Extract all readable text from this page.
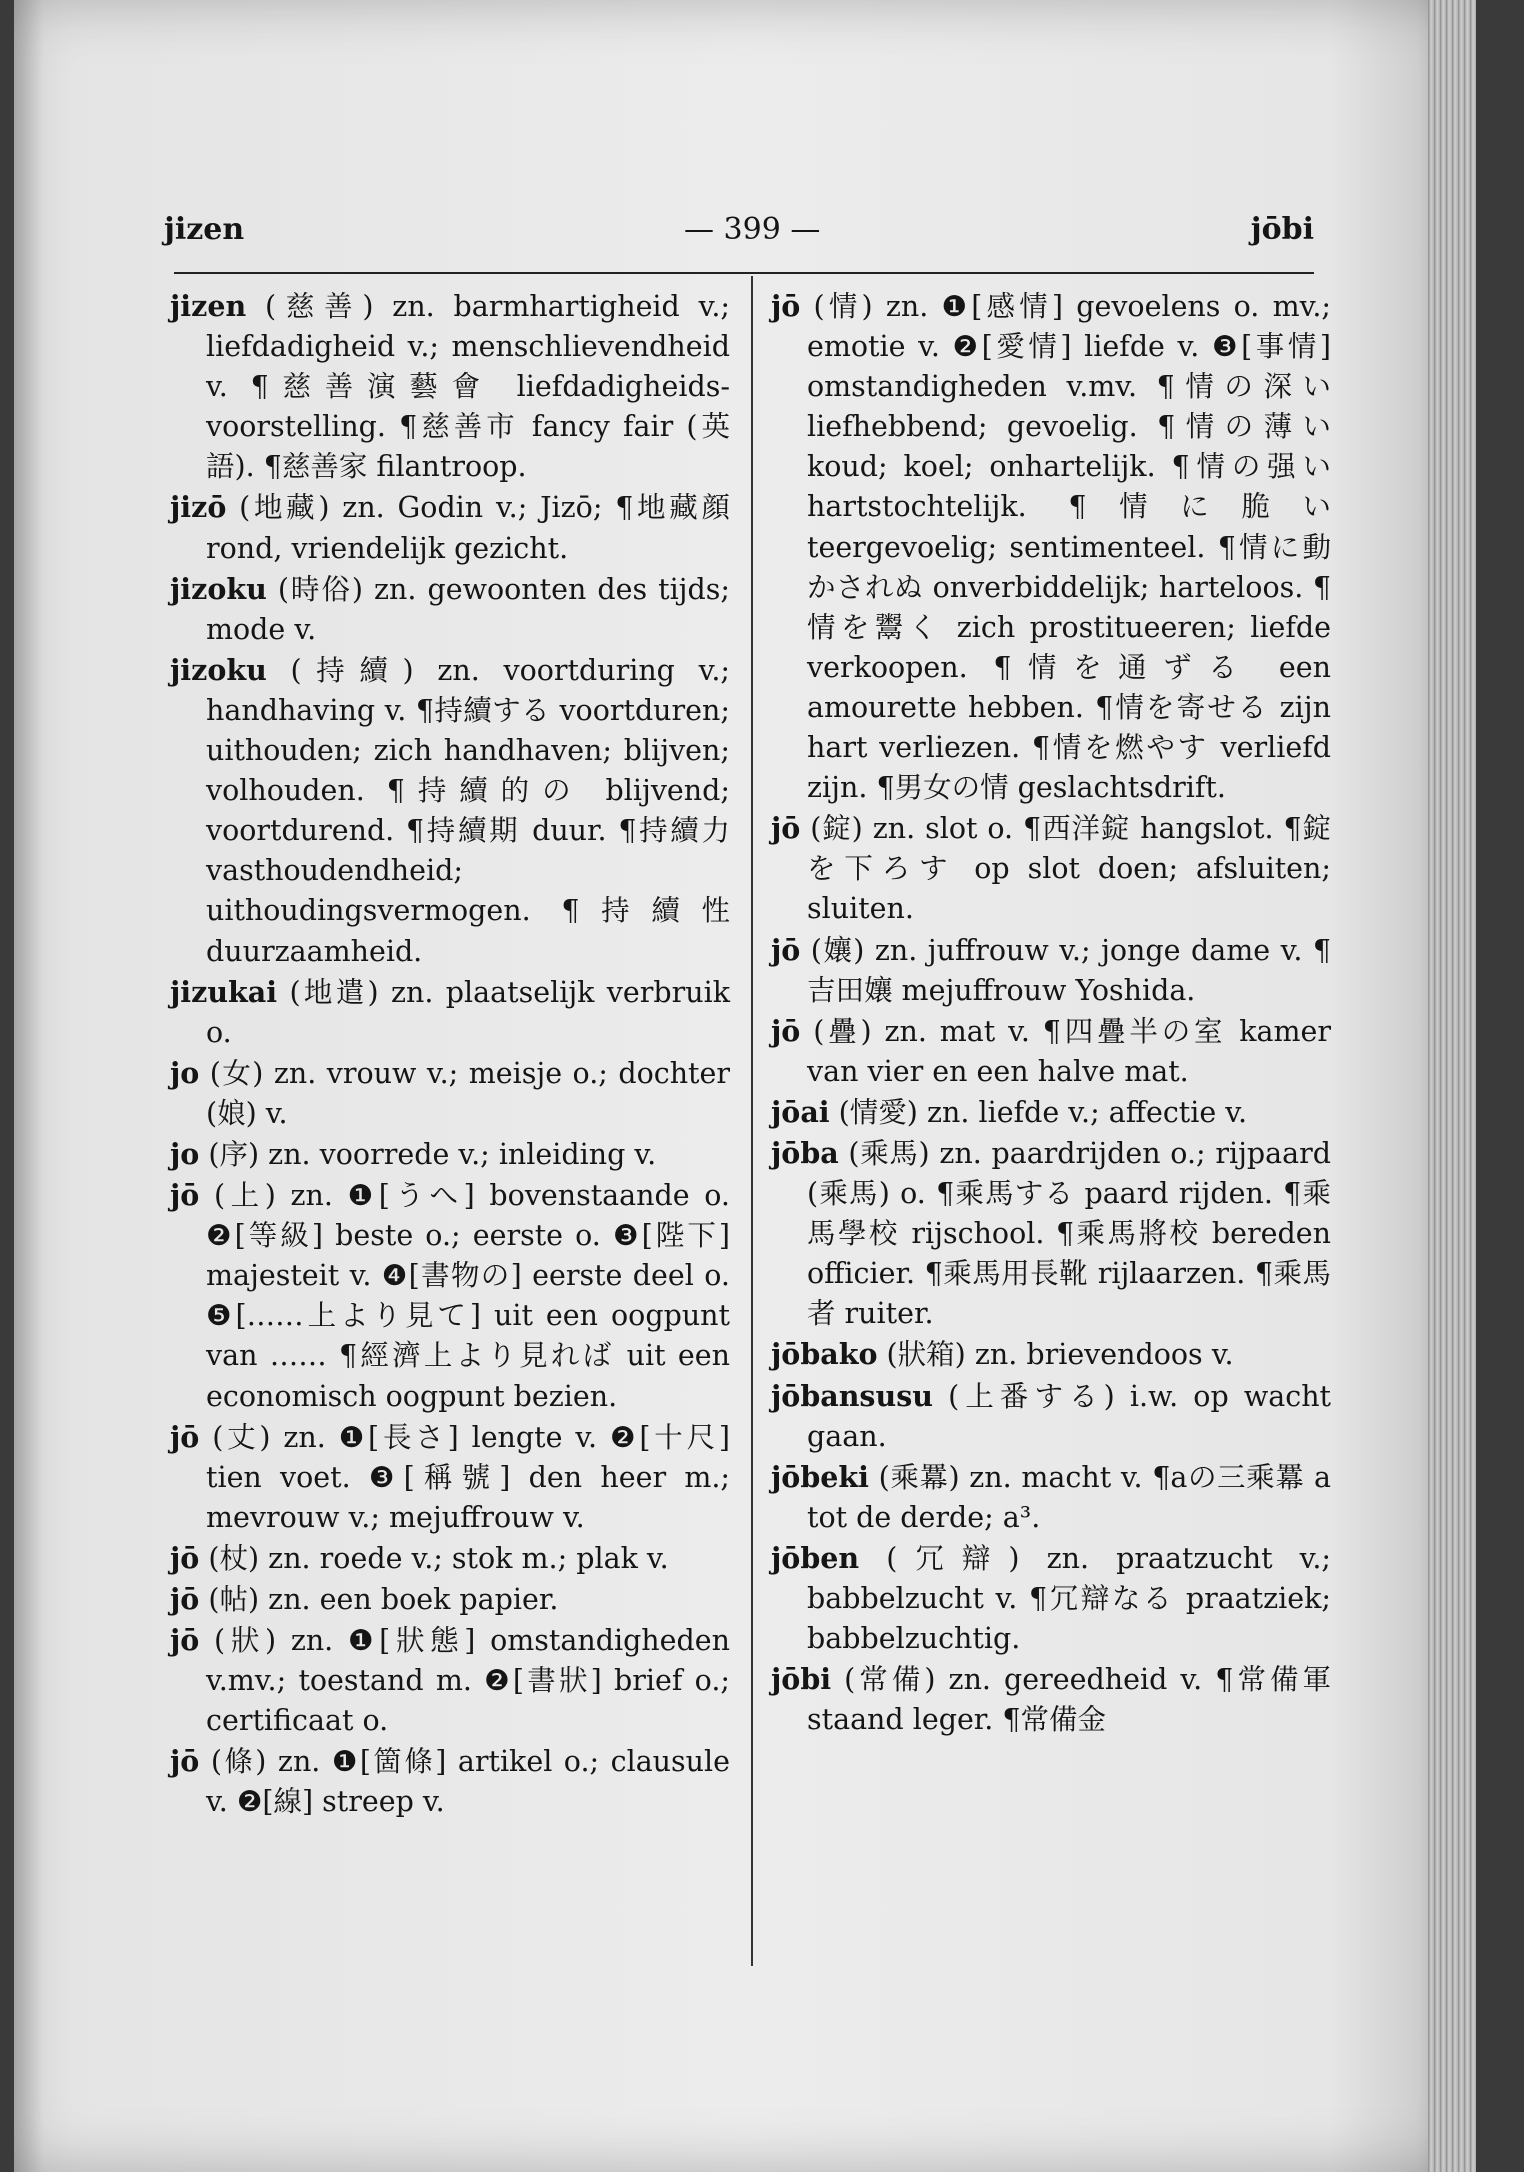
jizen	— 399 —	jōbi

jizen (慈善) zn. barmhartigheid v.; liefdadigheid v.; menschlievendheid v. ¶慈善演藝會 liefdadigheids-voorstelling. ¶慈善市 fancy fair (英語). ¶慈善家 filantroop.

jizō (地藏) zn. Godin v.; Jizō; ¶地藏顔 rond, vriendelijk gezicht.

jizoku (時俗) zn. gewoonten des tijds; mode v.

jizoku (持續) zn. voortduring v.; handhaving v. ¶持續する voortduren; uithouden; zich handhaven; blijven; volhouden. ¶持續的の blijvend; voortdurend. ¶持續期 duur. ¶持續力 vasthoudendheid; uithoudingsvermogen. ¶持續性 duurzaamheid.

jizukai (地遣) zn. plaatselijk verbruik o.

jo (女) zn. vrouw v.; meisje o.; dochter (娘) v.

jo (序) zn. voorrede v.; inleiding v.

jō (上) zn. ❶[うへ] bovenstaande o. ❷[等級] beste o.; eerste o. ❸[陛下] majesteit v. ❹[書物の] eerste deel o. ❺[……上より見て] uit een oogpunt van …… ¶經濟上より見れば uit een economisch oogpunt bezien.

jō (丈) zn. ❶[長さ] lengte v. ❷[十尺] tien voet. ❸[稱號] den heer m.; mevrouw v.; mejuffrouw v.

jō (杖) zn. roede v.; stok m.; plak v.

jō (帖) zn. een boek papier.

jō (狀) zn. ❶[狀態] omstandigheden v.mv.; toestand m. ❷[書狀] brief o.; certificaat o.

jō (條) zn. ❶[箇條] artikel o.; clausule v. ❷[線] streep v.

jō (情) zn. ❶[感情] gevoelens o. mv.; emotie v. ❷[愛情] liefde v. ❸[事情] omstandigheden v.mv. ¶情の深い liefhebbend; gevoelig. ¶情の薄い koud; koel; onhartelijk. ¶情の强い hartstochtelijk. ¶情に脆い teergevoelig; sentimenteel. ¶情に動かされぬ onverbiddelijk; harteloos. ¶情を鬻く zich prostitueeren; liefde verkoopen. ¶情を通ずる een amourette hebben. ¶情を寄せる zijn hart verliezen. ¶情を燃やす verliefd zijn. ¶男女の情 geslachtsdrift.

jō (錠) zn. slot o. ¶西洋錠 hangslot. ¶錠を下ろす op slot doen; afsluiten; sluiten.

jō (孃) zn. juffrouw v.; jonge dame v. ¶吉田孃 mejuffrouw Yoshida.

jō (疊) zn. mat v. ¶四疊半の室 kamer van vier en een halve mat.

jōai (情愛) zn. liefde v.; affectie v.

jōba (乘馬) zn. paardrijden o.; rijpaard (乘馬) o. ¶乘馬する paard rijden. ¶乘馬學校 rijschool. ¶乘馬將校 bereden officier. ¶乘馬用長靴 rijlaarzen. ¶乘馬者 ruiter.

jōbako (狀箱) zn. brievendoos v.

jōbansusu (上番する) i.w. op wacht gaan.

jōbeki (乘羃) zn. macht v. ¶aの三乘羃 a tot de derde; a³.

jōben (冗辯) zn. praatzucht v.; babbelzucht v. ¶冗辯なる praatziek; babbelzuchtig.

jōbi (常備) zn. gereedheid v. ¶常備軍 staand leger. ¶常備金
